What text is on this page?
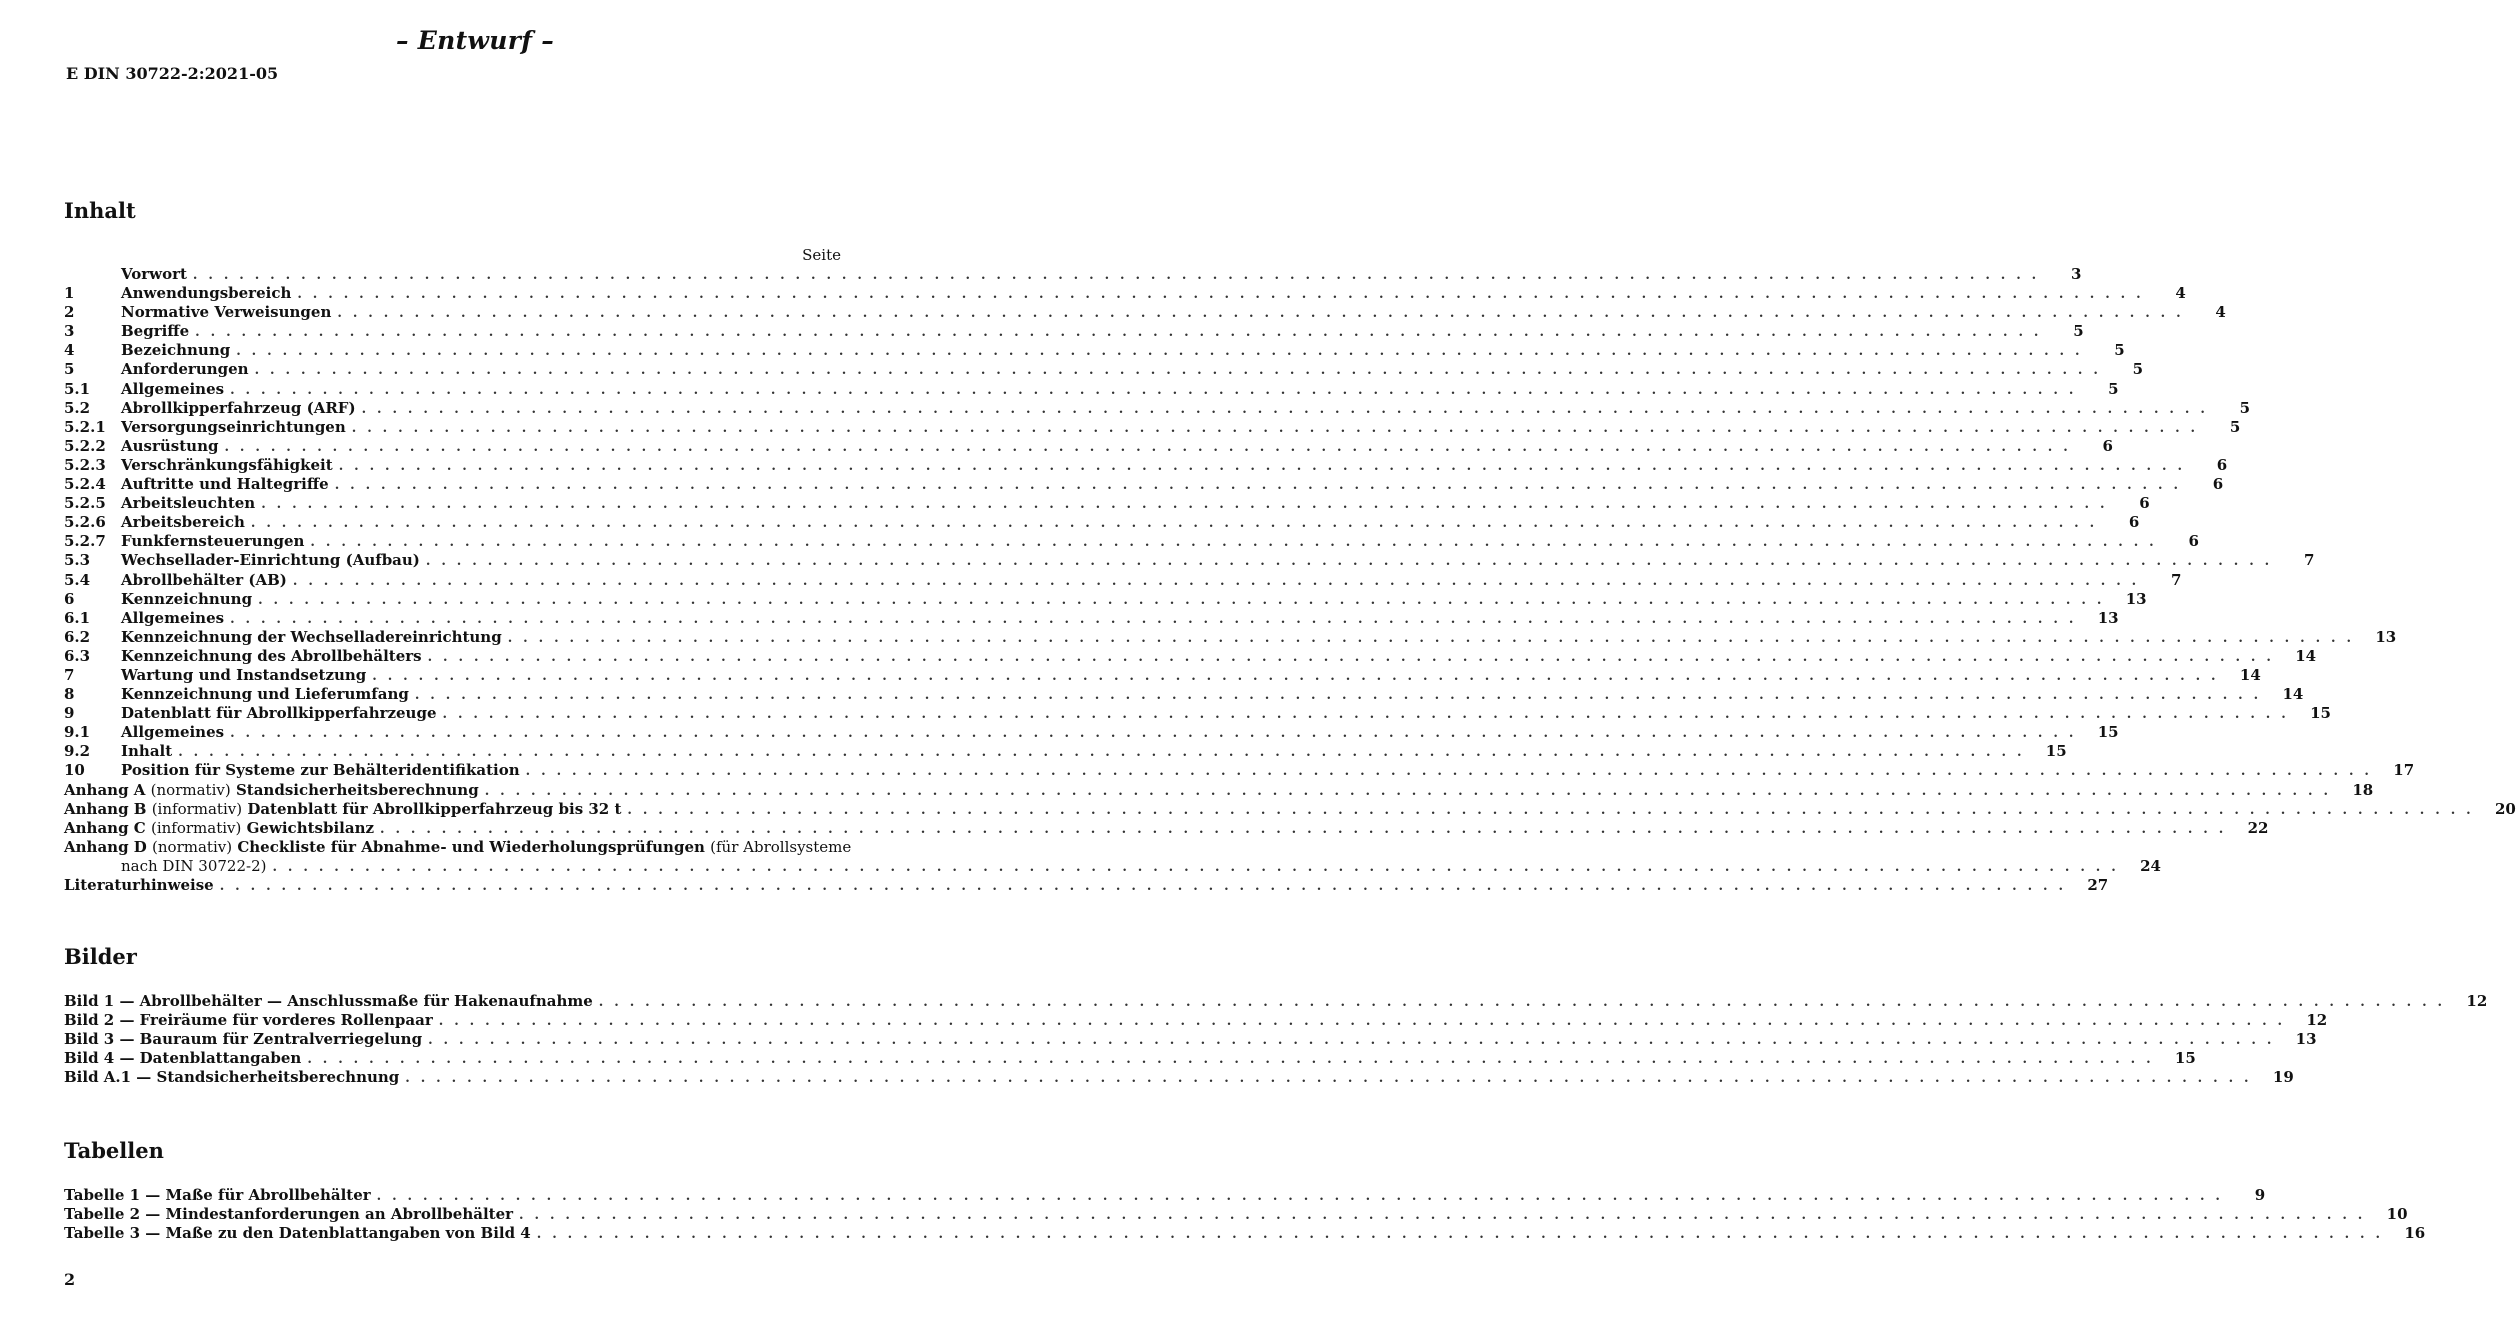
– Entwurf –
E DIN 30722-2:2021-05
Inhalt
Seite
Vorwort . . . . . . . . . . . . . . . . . . . . . . . . . . . . . . . . . . . . . . . . . . . . . . . . . . . . . . . . . . . . . . . . . . . . . . . . . . . . . . . . . . . . . . . . . . . . . . . . . . . . . . . . . . . . . . . . . . . . . . . .	3
1	Anwendungsbereich . . . . . . . . . . . . . . . . . . . . . . . . . . . . . . . . . . . . . . . . . . . . . . . . . . . . . . . . . . . . . . . . . . . . . . . . . . . . . . . . . . . . . . . . . . . . . . . . . . . . . . . . . . . . . . . . . . . . . . . .	4
2	Normative Verweisungen . . . . . . . . . . . . . . . . . . . . . . . . . . . . . . . . . . . . . . . . . . . . . . . . . . . . . . . . . . . . . . . . . . . . . . . . . . . . . . . . . . . . . . . . . . . . . . . . . . . . . . . . . . . . . . . . . . . . . . . .	4
3	Begriffe . . . . . . . . . . . . . . . . . . . . . . . . . . . . . . . . . . . . . . . . . . . . . . . . . . . . . . . . . . . . . . . . . . . . . . . . . . . . . . . . . . . . . . . . . . . . . . . . . . . . . . . . . . . . . . . . . . . . . . . .	5
4	Bezeichnung . . . . . . . . . . . . . . . . . . . . . . . . . . . . . . . . . . . . . . . . . . . . . . . . . . . . . . . . . . . . . . . . . . . . . . . . . . . . . . . . . . . . . . . . . . . . . . . . . . . . . . . . . . . . . . . . . . . . . . . .	5
5	Anforderungen . . . . . . . . . . . . . . . . . . . . . . . . . . . . . . . . . . . . . . . . . . . . . . . . . . . . . . . . . . . . . . . . . . . . . . . . . . . . . . . . . . . . . . . . . . . . . . . . . . . . . . . . . . . . . . . . . . . . . . . .	5
5.1	Allgemeines . . . . . . . . . . . . . . . . . . . . . . . . . . . . . . . . . . . . . . . . . . . . . . . . . . . . . . . . . . . . . . . . . . . . . . . . . . . . . . . . . . . . . . . . . . . . . . . . . . . . . . . . . . . . . . . . . . . . . . . .	5
5.2	Abrollkipperfahrzeug (ARF) . . . . . . . . . . . . . . . . . . . . . . . . . . . . . . . . . . . . . . . . . . . . . . . . . . . . . . . . . . . . . . . . . . . . . . . . . . . . . . . . . . . . . . . . . . . . . . . . . . . . . . . . . . . . . . . . . . . . . . . .	5
5.2.1	Versorgungseinrichtungen . . . . . . . . . . . . . . . . . . . . . . . . . . . . . . . . . . . . . . . . . . . . . . . . . . . . . . . . . . . . . . . . . . . . . . . . . . . . . . . . . . . . . . . . . . . . . . . . . . . . . . . . . . . . . . . . . . . . . . . .	5
5.2.2	Ausrüstung . . . . . . . . . . . . . . . . . . . . . . . . . . . . . . . . . . . . . . . . . . . . . . . . . . . . . . . . . . . . . . . . . . . . . . . . . . . . . . . . . . . . . . . . . . . . . . . . . . . . . . . . . . . . . . . . . . . . . . . .	6
5.2.3	Verschränkungsfähigkeit . . . . . . . . . . . . . . . . . . . . . . . . . . . . . . . . . . . . . . . . . . . . . . . . . . . . . . . . . . . . . . . . . . . . . . . . . . . . . . . . . . . . . . . . . . . . . . . . . . . . . . . . . . . . . . . . . . . . . . . .	6
5.2.4	Auftritte und Haltegriffe . . . . . . . . . . . . . . . . . . . . . . . . . . . . . . . . . . . . . . . . . . . . . . . . . . . . . . . . . . . . . . . . . . . . . . . . . . . . . . . . . . . . . . . . . . . . . . . . . . . . . . . . . . . . . . . . . . . . . . . .	6
5.2.5	Arbeitsleuchten . . . . . . . . . . . . . . . . . . . . . . . . . . . . . . . . . . . . . . . . . . . . . . . . . . . . . . . . . . . . . . . . . . . . . . . . . . . . . . . . . . . . . . . . . . . . . . . . . . . . . . . . . . . . . . . . . . . . . . . .	6
5.2.6	Arbeitsbereich . . . . . . . . . . . . . . . . . . . . . . . . . . . . . . . . . . . . . . . . . . . . . . . . . . . . . . . . . . . . . . . . . . . . . . . . . . . . . . . . . . . . . . . . . . . . . . . . . . . . . . . . . . . . . . . . . . . . . . . .	6
5.2.7	Funkfernsteuerungen . . . . . . . . . . . . . . . . . . . . . . . . . . . . . . . . . . . . . . . . . . . . . . . . . . . . . . . . . . . . . . . . . . . . . . . . . . . . . . . . . . . . . . . . . . . . . . . . . . . . . . . . . . . . . . . . . . . . . . . .	6
5.3	Wechsellader-Einrichtung (Aufbau) . . . . . . . . . . . . . . . . . . . . . . . . . . . . . . . . . . . . . . . . . . . . . . . . . . . . . . . . . . . . . . . . . . . . . . . . . . . . . . . . . . . . . . . . . . . . . . . . . . . . . . . . . . . . . . . . . . . . . . . .	7
5.4	Abrollbehälter (AB) . . . . . . . . . . . . . . . . . . . . . . . . . . . . . . . . . . . . . . . . . . . . . . . . . . . . . . . . . . . . . . . . . . . . . . . . . . . . . . . . . . . . . . . . . . . . . . . . . . . . . . . . . . . . . . . . . . . . . . . .	7
6	Kennzeichnung . . . . . . . . . . . . . . . . . . . . . . . . . . . . . . . . . . . . . . . . . . . . . . . . . . . . . . . . . . . . . . . . . . . . . . . . . . . . . . . . . . . . . . . . . . . . . . . . . . . . . . . . . . . . . . . . . . . . . . . .	13
6.1	Allgemeines . . . . . . . . . . . . . . . . . . . . . . . . . . . . . . . . . . . . . . . . . . . . . . . . . . . . . . . . . . . . . . . . . . . . . . . . . . . . . . . . . . . . . . . . . . . . . . . . . . . . . . . . . . . . . . . . . . . . . . . .	13
6.2	Kennzeichnung der Wechselladereinrichtung . . . . . . . . . . . . . . . . . . . . . . . . . . . . . . . . . . . . . . . . . . . . . . . . . . . . . . . . . . . . . . . . . . . . . . . . . . . . . . . . . . . . . . . . . . . . . . . . . . . . . . . . . . . . . . . . . . . . . . . .	13
6.3	Kennzeichnung des Abrollbehälters . . . . . . . . . . . . . . . . . . . . . . . . . . . . . . . . . . . . . . . . . . . . . . . . . . . . . . . . . . . . . . . . . . . . . . . . . . . . . . . . . . . . . . . . . . . . . . . . . . . . . . . . . . . . . . . . . . . . . . . .	14
7	Wartung und Instandsetzung . . . . . . . . . . . . . . . . . . . . . . . . . . . . . . . . . . . . . . . . . . . . . . . . . . . . . . . . . . . . . . . . . . . . . . . . . . . . . . . . . . . . . . . . . . . . . . . . . . . . . . . . . . . . . . . . . . . . . . . .	14
8	Kennzeichnung und Lieferumfang . . . . . . . . . . . . . . . . . . . . . . . . . . . . . . . . . . . . . . . . . . . . . . . . . . . . . . . . . . . . . . . . . . . . . . . . . . . . . . . . . . . . . . . . . . . . . . . . . . . . . . . . . . . . . . . . . . . . . . . .	14
9	Datenblatt für Abrollkipperfahrzeuge . . . . . . . . . . . . . . . . . . . . . . . . . . . . . . . . . . . . . . . . . . . . . . . . . . . . . . . . . . . . . . . . . . . . . . . . . . . . . . . . . . . . . . . . . . . . . . . . . . . . . . . . . . . . . . . . . . . . . . . .	15
9.1	Allgemeines . . . . . . . . . . . . . . . . . . . . . . . . . . . . . . . . . . . . . . . . . . . . . . . . . . . . . . . . . . . . . . . . . . . . . . . . . . . . . . . . . . . . . . . . . . . . . . . . . . . . . . . . . . . . . . . . . . . . . . . .	15
9.2	Inhalt . . . . . . . . . . . . . . . . . . . . . . . . . . . . . . . . . . . . . . . . . . . . . . . . . . . . . . . . . . . . . . . . . . . . . . . . . . . . . . . . . . . . . . . . . . . . . . . . . . . . . . . . . . . . . . . . . . . . . . . .	15
10	Position für Systeme zur Behälteridentifikation . . . . . . . . . . . . . . . . . . . . . . . . . . . . . . . . . . . . . . . . . . . . . . . . . . . . . . . . . . . . . . . . . . . . . . . . . . . . . . . . . . . . . . . . . . . . . . . . . . . . . . . . . . . . . . . . . . . . . . . .	17
Anhang A (normativ) Standsicherheitsberechnung . . . . . . . . . . . . . . . . . . . . . . . . . . . . . . . . . . . . . . . . . . . . . . . . . . . . . . . . . . . . . . . . . . . . . . . . . . . . . . . . . . . . . . . . . . . . . . . . . . . . . . . . . . . . . . . . . . . . . . . .	18
Anhang B (informativ) Datenblatt für Abrollkipperfahrzeug bis 32 t . . . . . . . . . . . . . . . . . . . . . . . . . . . . . . . . . . . . . . . . . . . . . . . . . . . . . . . . . . . . . . . . . . . . . . . . . . . . . . . . . . . . . . . . . . . . . . . . . . . . . . . . . . . . . . . . . . . . . . . .	20
Anhang C (informativ) Gewichtsbilanz . . . . . . . . . . . . . . . . . . . . . . . . . . . . . . . . . . . . . . . . . . . . . . . . . . . . . . . . . . . . . . . . . . . . . . . . . . . . . . . . . . . . . . . . . . . . . . . . . . . . . . . . . . . . . . . . . . . . . . . .	22
Anhang D (normativ) Checkliste für Abnahme- und Wiederholungsprüfungen (für Abrollsysteme
nach DIN 30722-2) . . . . . . . . . . . . . . . . . . . . . . . . . . . . . . . . . . . . . . . . . . . . . . . . . . . . . . . . . . . . . . . . . . . . . . . . . . . . . . . . . . . . . . . . . . . . . . . . . . . . . . . . . . . . . . . . . . . . . . . .	24
Literaturhinweise . . . . . . . . . . . . . . . . . . . . . . . . . . . . . . . . . . . . . . . . . . . . . . . . . . . . . . . . . . . . . . . . . . . . . . . . . . . . . . . . . . . . . . . . . . . . . . . . . . . . . . . . . . . . . . . . . . . . . . . .	27
Bilder
Bild 1 — Abrollbehälter — Anschlussmaße für Hakenaufnahme . . . . . . . . . . . . . . . . . . . . . . . . . . . . . . . . . . . . . . . . . . . . . . . . . . . . . . . . . . . . . . . . . . . . . . . . . . . . . . . . . . . . . . . . . . . . . . . . . . . . . . . . . . . . . . . . . . . . . . . .	12
Bild 2 — Freiräume für vorderes Rollenpaar . . . . . . . . . . . . . . . . . . . . . . . . . . . . . . . . . . . . . . . . . . . . . . . . . . . . . . . . . . . . . . . . . . . . . . . . . . . . . . . . . . . . . . . . . . . . . . . . . . . . . . . . . . . . . . . . . . . . . . . .	12
Bild 3 — Bauraum für Zentralverriegelung . . . . . . . . . . . . . . . . . . . . . . . . . . . . . . . . . . . . . . . . . . . . . . . . . . . . . . . . . . . . . . . . . . . . . . . . . . . . . . . . . . . . . . . . . . . . . . . . . . . . . . . . . . . . . . . . . . . . . . . .	13
Bild 4 — Datenblattangaben . . . . . . . . . . . . . . . . . . . . . . . . . . . . . . . . . . . . . . . . . . . . . . . . . . . . . . . . . . . . . . . . . . . . . . . . . . . . . . . . . . . . . . . . . . . . . . . . . . . . . . . . . . . . . . . . . . . . . . . .	15
Bild A.1 — Standsicherheitsberechnung . . . . . . . . . . . . . . . . . . . . . . . . . . . . . . . . . . . . . . . . . . . . . . . . . . . . . . . . . . . . . . . . . . . . . . . . . . . . . . . . . . . . . . . . . . . . . . . . . . . . . . . . . . . . . . . . . . . . . . . .	19
Tabellen
Tabelle 1 — Maße für Abrollbehälter . . . . . . . . . . . . . . . . . . . . . . . . . . . . . . . . . . . . . . . . . . . . . . . . . . . . . . . . . . . . . . . . . . . . . . . . . . . . . . . . . . . . . . . . . . . . . . . . . . . . . . . . . . . . . . . . . . . . . . . .	9
Tabelle 2 — Mindestanforderungen an Abrollbehälter . . . . . . . . . . . . . . . . . . . . . . . . . . . . . . . . . . . . . . . . . . . . . . . . . . . . . . . . . . . . . . . . . . . . . . . . . . . . . . . . . . . . . . . . . . . . . . . . . . . . . . . . . . . . . . . . . . . . . . . .	10
Tabelle 3 — Maße zu den Datenblattangaben von Bild 4 . . . . . . . . . . . . . . . . . . . . . . . . . . . . . . . . . . . . . . . . . . . . . . . . . . . . . . . . . . . . . . . . . . . . . . . . . . . . . . . . . . . . . . . . . . . . . . . . . . . . . . . . . . . . . . . . . . . . . . . .	16
2
